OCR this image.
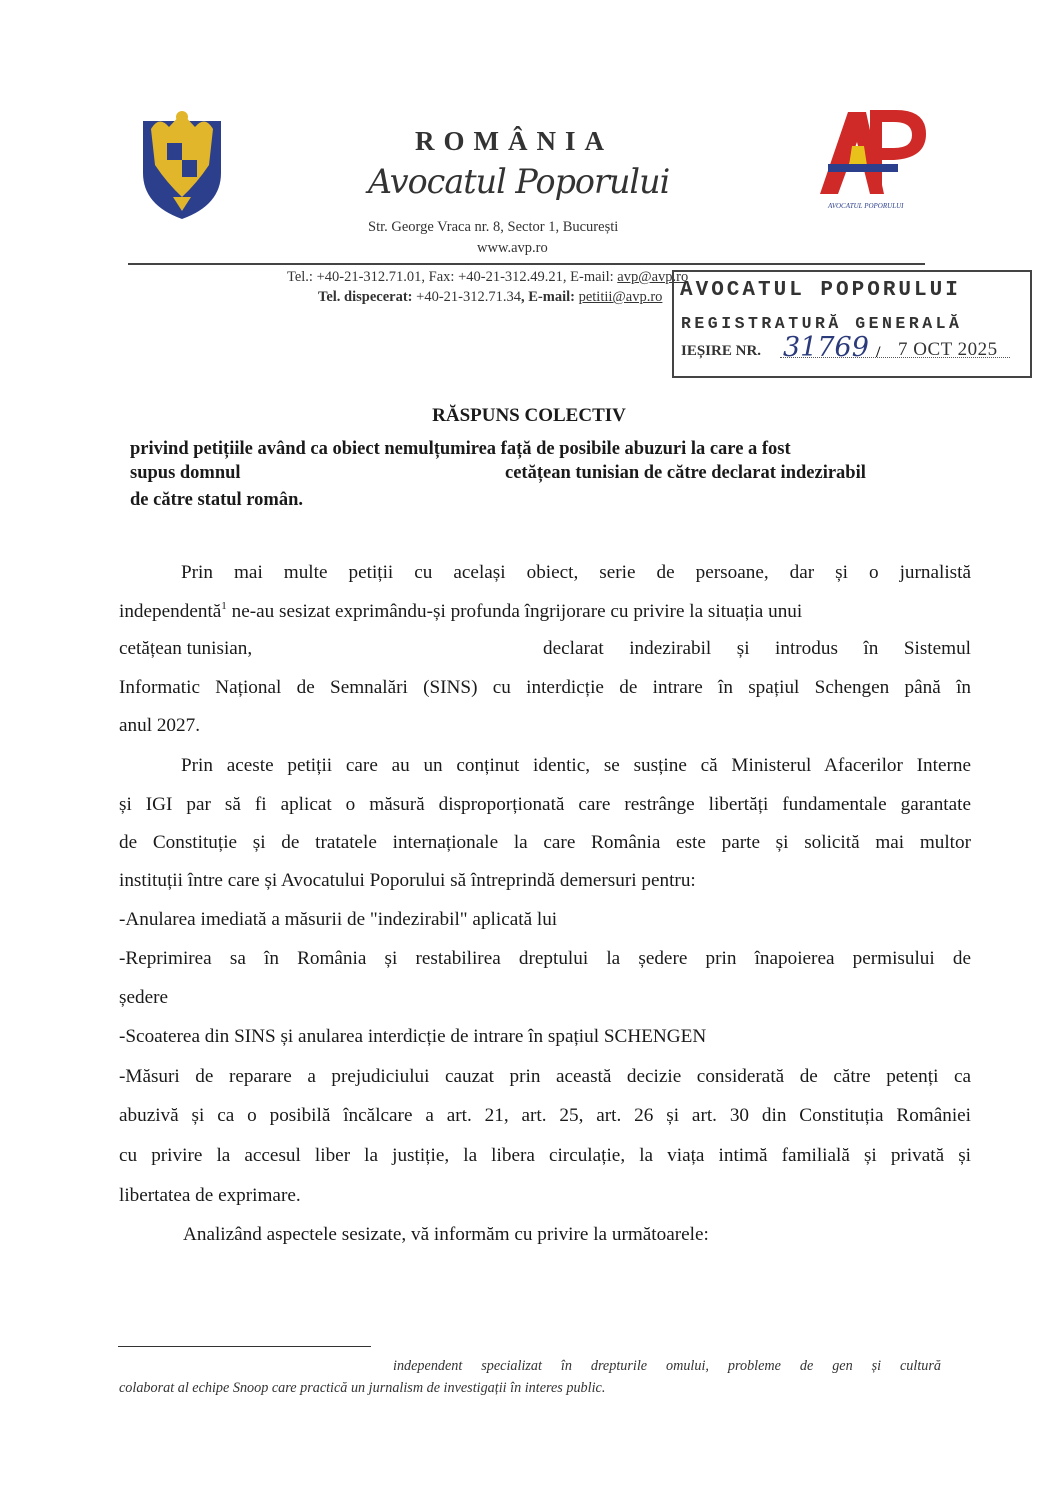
ROMÂNIA
Avocatul Poporului
Str. George Vraca nr. 8, Sector 1, București
www.avp.ro
AVOCATUL POPORULUI
Tel.: +40-21-312.71.01, Fax: +40-21-312.49.21, E-mail: avp@avp.ro
Tel. dispecerat: +40-21-312.71.34, E-mail: petitii@avp.ro AVOCATUL POPORULUI
REGISTRATURĂ GENERALĂ
IEȘIRE NR. 31769 / 7 OCT 2025
RĂSPUNS COLECTIV
privind petițiile având ca obiect nemulțumirea față de posibile abuzuri la care a fost
supus domnul	cetățean tunisian de către declarat indezirabil
de către statul român.
Prin mai multe petiții cu același obiect, serie de persoane, dar și o jurnalistă
independentă$^1$ ne-au sesizat exprimându-și profunda îngrijorare cu privire la situația unui
cetățean tunisian,	declarat indezirabil și introdus în Sistemul
Informatic Național de Semnalări (SINS) cu interdicție de intrare în spațiul Schengen până în
anul 2027.
Prin aceste petiții care au un conținut identic, se susține că Ministerul Afacerilor Interne
și IGI par să fi aplicat o măsură disproporționată care restrânge libertăți fundamentale garantate
de Constituție și de tratatele internaționale la care România este parte și solicită mai multor
instituții între care și Avocatului Poporului să întreprindă demersuri pentru:
-Anularea imediată a măsurii de "indezirabil" aplicată lui
-Reprimirea sa în România și restabilirea dreptului la ședere prin înapoierea permisului de
ședere
-Scoaterea din SINS și anularea interdicție de intrare în spațiul SCHENGEN
-Măsuri de reparare a prejudiciului cauzat prin această decizie considerată de către petenți ca
abuzivă și ca o posibilă încălcare a art. 21, art. 25, art. 26 și art. 30 din Constituția României
cu privire la accesul liber la justiție, la libera circulație, la viața intimă familială și privată și
libertatea de exprimare.
Analizând aspectele sesizate, vă informăm cu privire la următoarele:
independent specializat în drepturile omului, probleme de gen și cultură
colaborat al echipe Snoop care practică un jurnalism de investigații în interes public.
